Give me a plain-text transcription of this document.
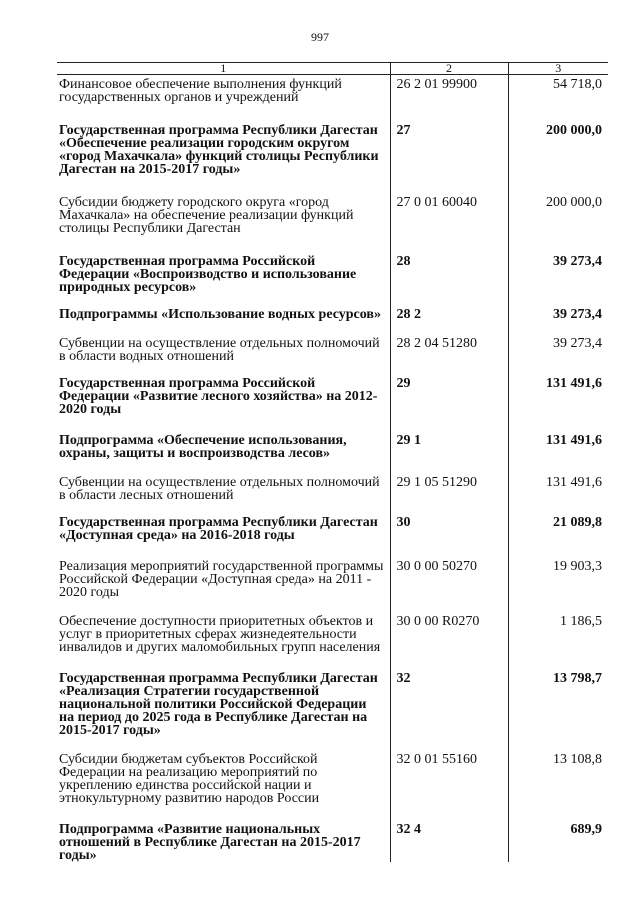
997
1	2	3
Финансовое обеспечение выполнения функций государственных органов и учреждений	26 2 01 99900	54 718,0
Государственная программа Республики Дагестан «Обеспечение реализации городским округом «город Махачкала» функций столицы Республики Дагестан на 2015-2017 годы»	27	200 000,0
Субсидии бюджету городского округа «город Махачкала» на обеспечение реализации функций столицы Республики Дагестан	27 0 01 60040	200 000,0
Государственная программа Российской Федерации «Воспроизводство и использование природных ресурсов»	28	39 273,4
Подпрограммы «Использование водных ресурсов»	28 2	39 273,4
Субвенции на осуществление отдельных полномочий в области водных отношений	28 2 04 51280	39 273,4
Государственная программа Российской Федерации «Развитие лесного хозяйства» на 2012-2020 годы	29	131 491,6
Подпрограмма «Обеспечение использования, охраны, защиты и воспроизводства лесов»	29 1	131 491,6
Субвенции на осуществление отдельных полномочий в области лесных отношений	29 1 05 51290	131 491,6
Государственная программа Республики Дагестан «Доступная среда» на 2016-2018 годы	30	21 089,8
Реализация мероприятий государственной программы Российской Федерации «Доступная среда» на 2011 - 2020 годы	30 0 00 50270	19 903,3
Обеспечение доступности приоритетных объектов и услуг в приоритетных сферах жизнедеятельности инвалидов и других маломобильных групп населения	30 0 00 R0270	1 186,5
Государственная программа Республики Дагестан «Реализация Стратегии государственной национальной политики Российской Федерации на период до 2025 года в Республике Дагестан на 2015-2017 годы»	32	13 798,7
Субсидии бюджетам субъектов Российской Федерации на реализацию мероприятий по укреплению единства российской нации и этнокультурному развитию народов России	32 0 01 55160	13 108,8
Подпрограмма «Развитие национальных отношений в Республике Дагестан на 2015-2017 годы»	32 4	689,9
